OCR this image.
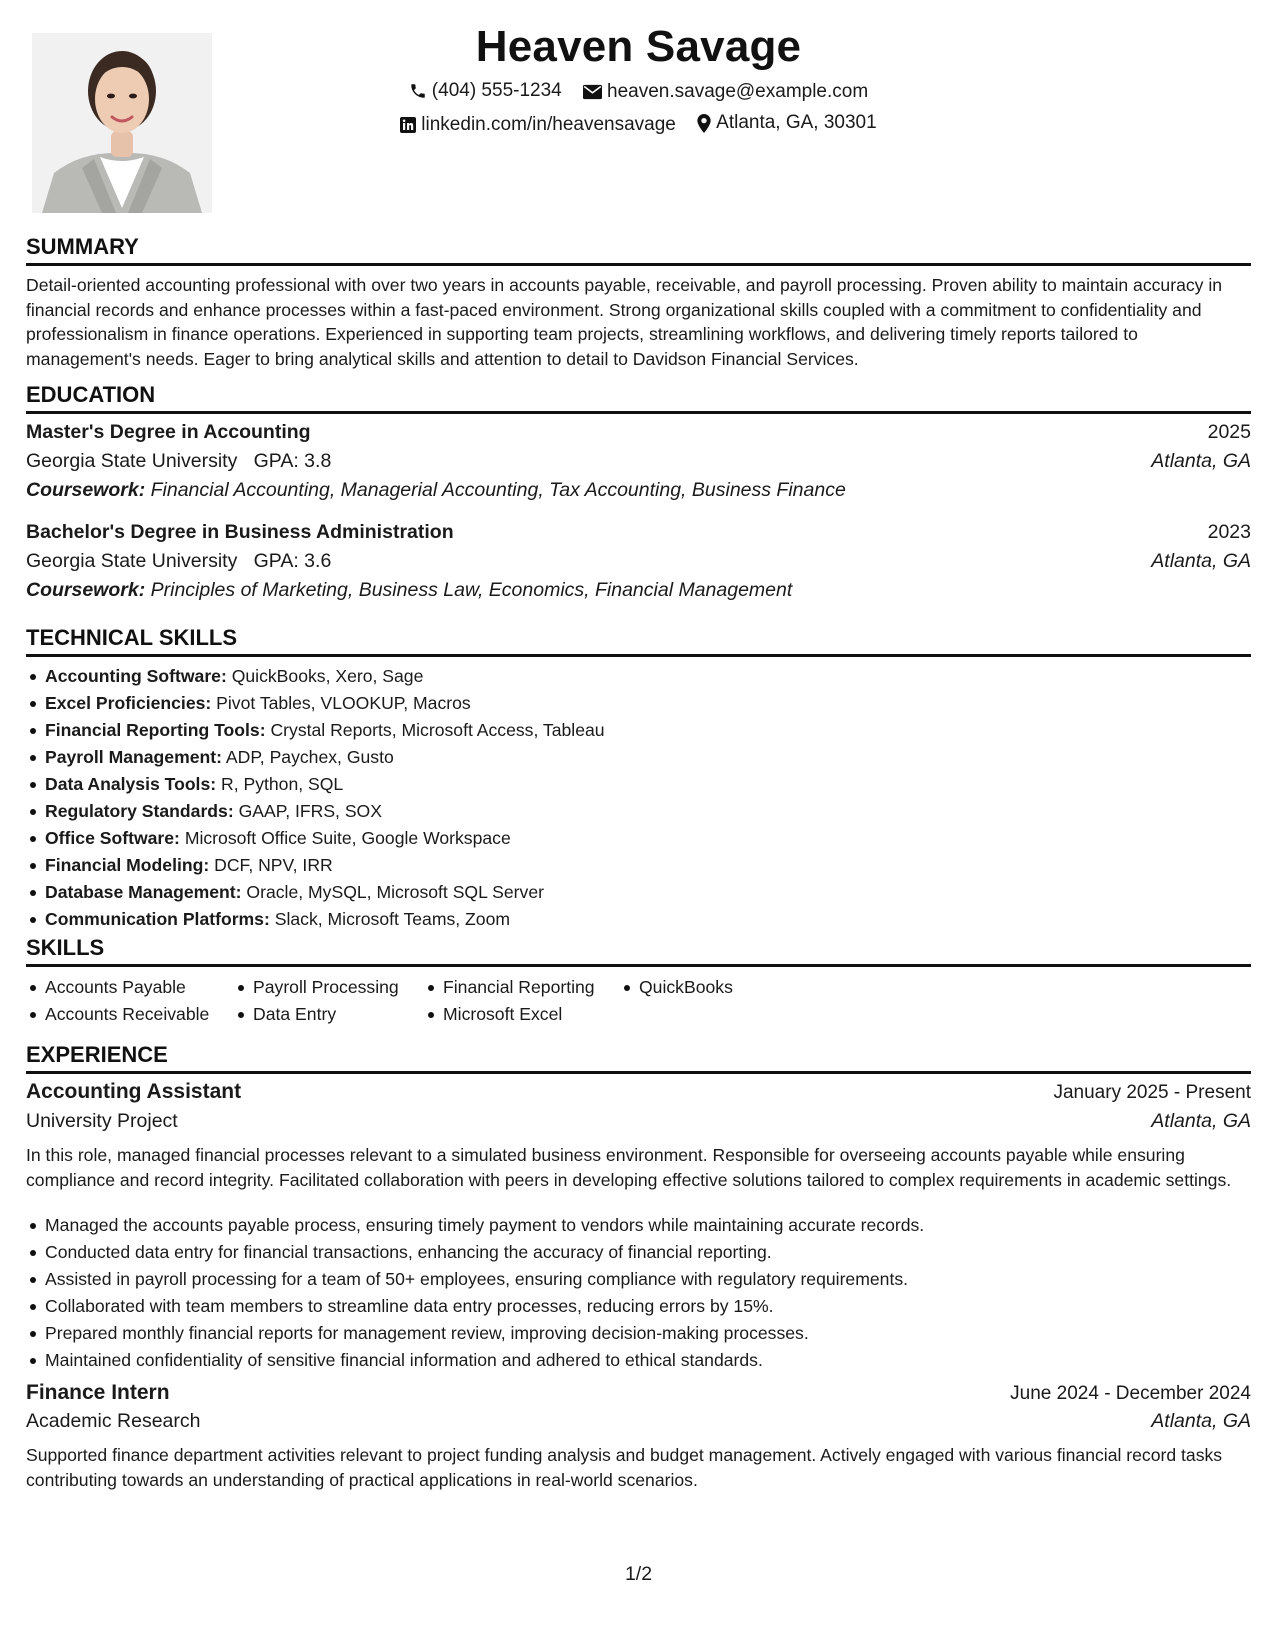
Heaven Savage
(404) 555-1234
heaven.savage@example.com
linkedin.com/in/heavensavage
Atlanta, GA, 30301
SUMMARY

Detail-oriented accounting professional with over two years in accounts payable, receivable, and payroll processing. Proven ability to maintain accuracy in financial records and enhance processes within a fast-paced environment. Strong organizational skills coupled with a commitment to confidentiality and professionalism in finance operations. Experienced in supporting team projects, streamlining workflows, and delivering timely reports tailored to management's needs. Eager to bring analytical skills and attention to detail to Davidson Financial Services.

EDUCATION
Master's Degree in Accounting	2025
Georgia State University GPA: 3.8	Atlanta, GA
Coursework: Financial Accounting, Managerial Accounting, Tax Accounting, Business Finance
Bachelor's Degree in Business Administration	2023
Georgia State University GPA: 3.6	Atlanta, GA
Coursework: Principles of Marketing, Business Law, Economics, Financial Management
TECHNICAL SKILLS
Accounting Software: QuickBooks, Xero, Sage
Excel Proficiencies: Pivot Tables, VLOOKUP, Macros
Financial Reporting Tools: Crystal Reports, Microsoft Access, Tableau
Payroll Management: ADP, Paychex, Gusto
Data Analysis Tools: R, Python, SQL
Regulatory Standards: GAAP, IFRS, SOX
Office Software: Microsoft Office Suite, Google Workspace
Financial Modeling: DCF, NPV, IRR
Database Management: Oracle, MySQL, Microsoft SQL Server
Communication Platforms: Slack, Microsoft Teams, Zoom
SKILLS
Accounts Payable
Accounts Receivable
Payroll Processing
Data Entry
Financial Reporting
Microsoft Excel
QuickBooks
EXPERIENCE
Accounting Assistant	January 2025 - Present
University Project	Atlanta, GA

In this role, managed financial processes relevant to a simulated business environment. Responsible for overseeing accounts payable while ensuring compliance and record integrity. Facilitated collaboration with peers in developing effective solutions tailored to complex requirements in academic settings.

Managed the accounts payable process, ensuring timely payment to vendors while maintaining accurate records.
Conducted data entry for financial transactions, enhancing the accuracy of financial reporting.
Assisted in payroll processing for a team of 50+ employees, ensuring compliance with regulatory requirements.
Collaborated with team members to streamline data entry processes, reducing errors by 15%.
Prepared monthly financial reports for management review, improving decision-making processes.
Maintained confidentiality of sensitive financial information and adhered to ethical standards.
Finance Intern	June 2024 - December 2024
Academic Research	Atlanta, GA

Supported finance department activities relevant to project funding analysis and budget management. Actively engaged with various financial record tasks contributing towards an understanding of practical applications in real-world scenarios.

1/2
